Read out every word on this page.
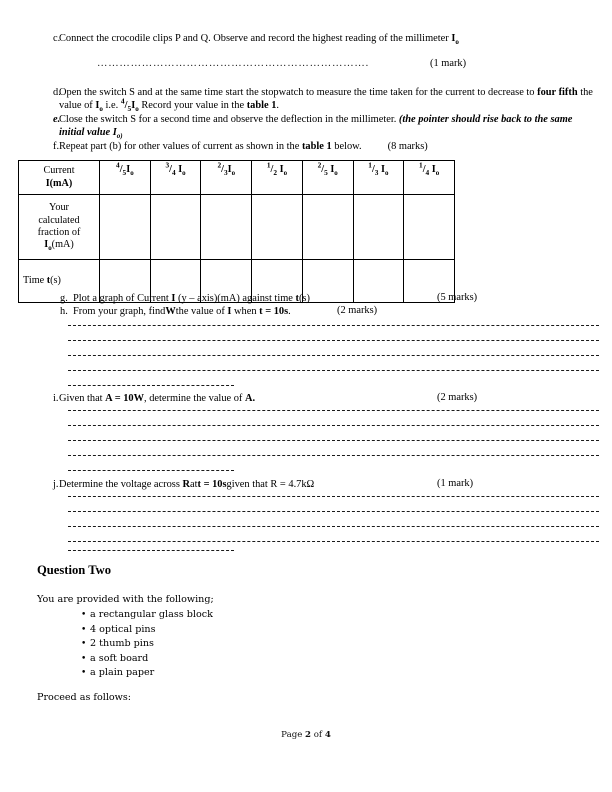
c.
Connect the crocodile clips P and Q. Observe and record the highest reading of the millimeter $I_o$
……………………………………………………………….	(1 mark)
d.
Open the switch S and at the same time start the stopwatch to measure the time taken for the current to decrease to four fifth the value of $I_o$ i.e. $^4/_5I_o$ Record your value in the table 1.
e.
Close the switch S for a second time and observe the deflection in the millimeter. (the pointer should rise back to the same initial value $I_{o)}$
f. Repeat part (b) for other values of current as shown in the table 1 below.	(8 marks)
Current
I(mA)	$^4/_5I_o$	$^3/_4$ $I_o$	$^2/_3I_o$	$^1/_2$ $I_o$	$^2/_5$ $I_o$	$^1/_3$ $I_o$	$^1/_4$ $I_o$

Your
calculated
fraction of
$I_o(mA)$							

Time t(s)							
g. Plot a graph of Current I (y – axis)(mA) against time t(s)	(5 marks)
h. From your graph, findWthe value of I when t = 10s.	(2 marks)
i. Given that A = 10W, determine the value of A.	(2 marks)
j. Determine the voltage across Ratt = 10sgiven that R = 4.7kΩ	(1 mark)
Question Two
You are provided with the following;
• a rectangular glass block
• 4 optical pins
• 2 thumb pins
• a soft board
• a plain paper
Proceed as follows:
Page 2 of 4
